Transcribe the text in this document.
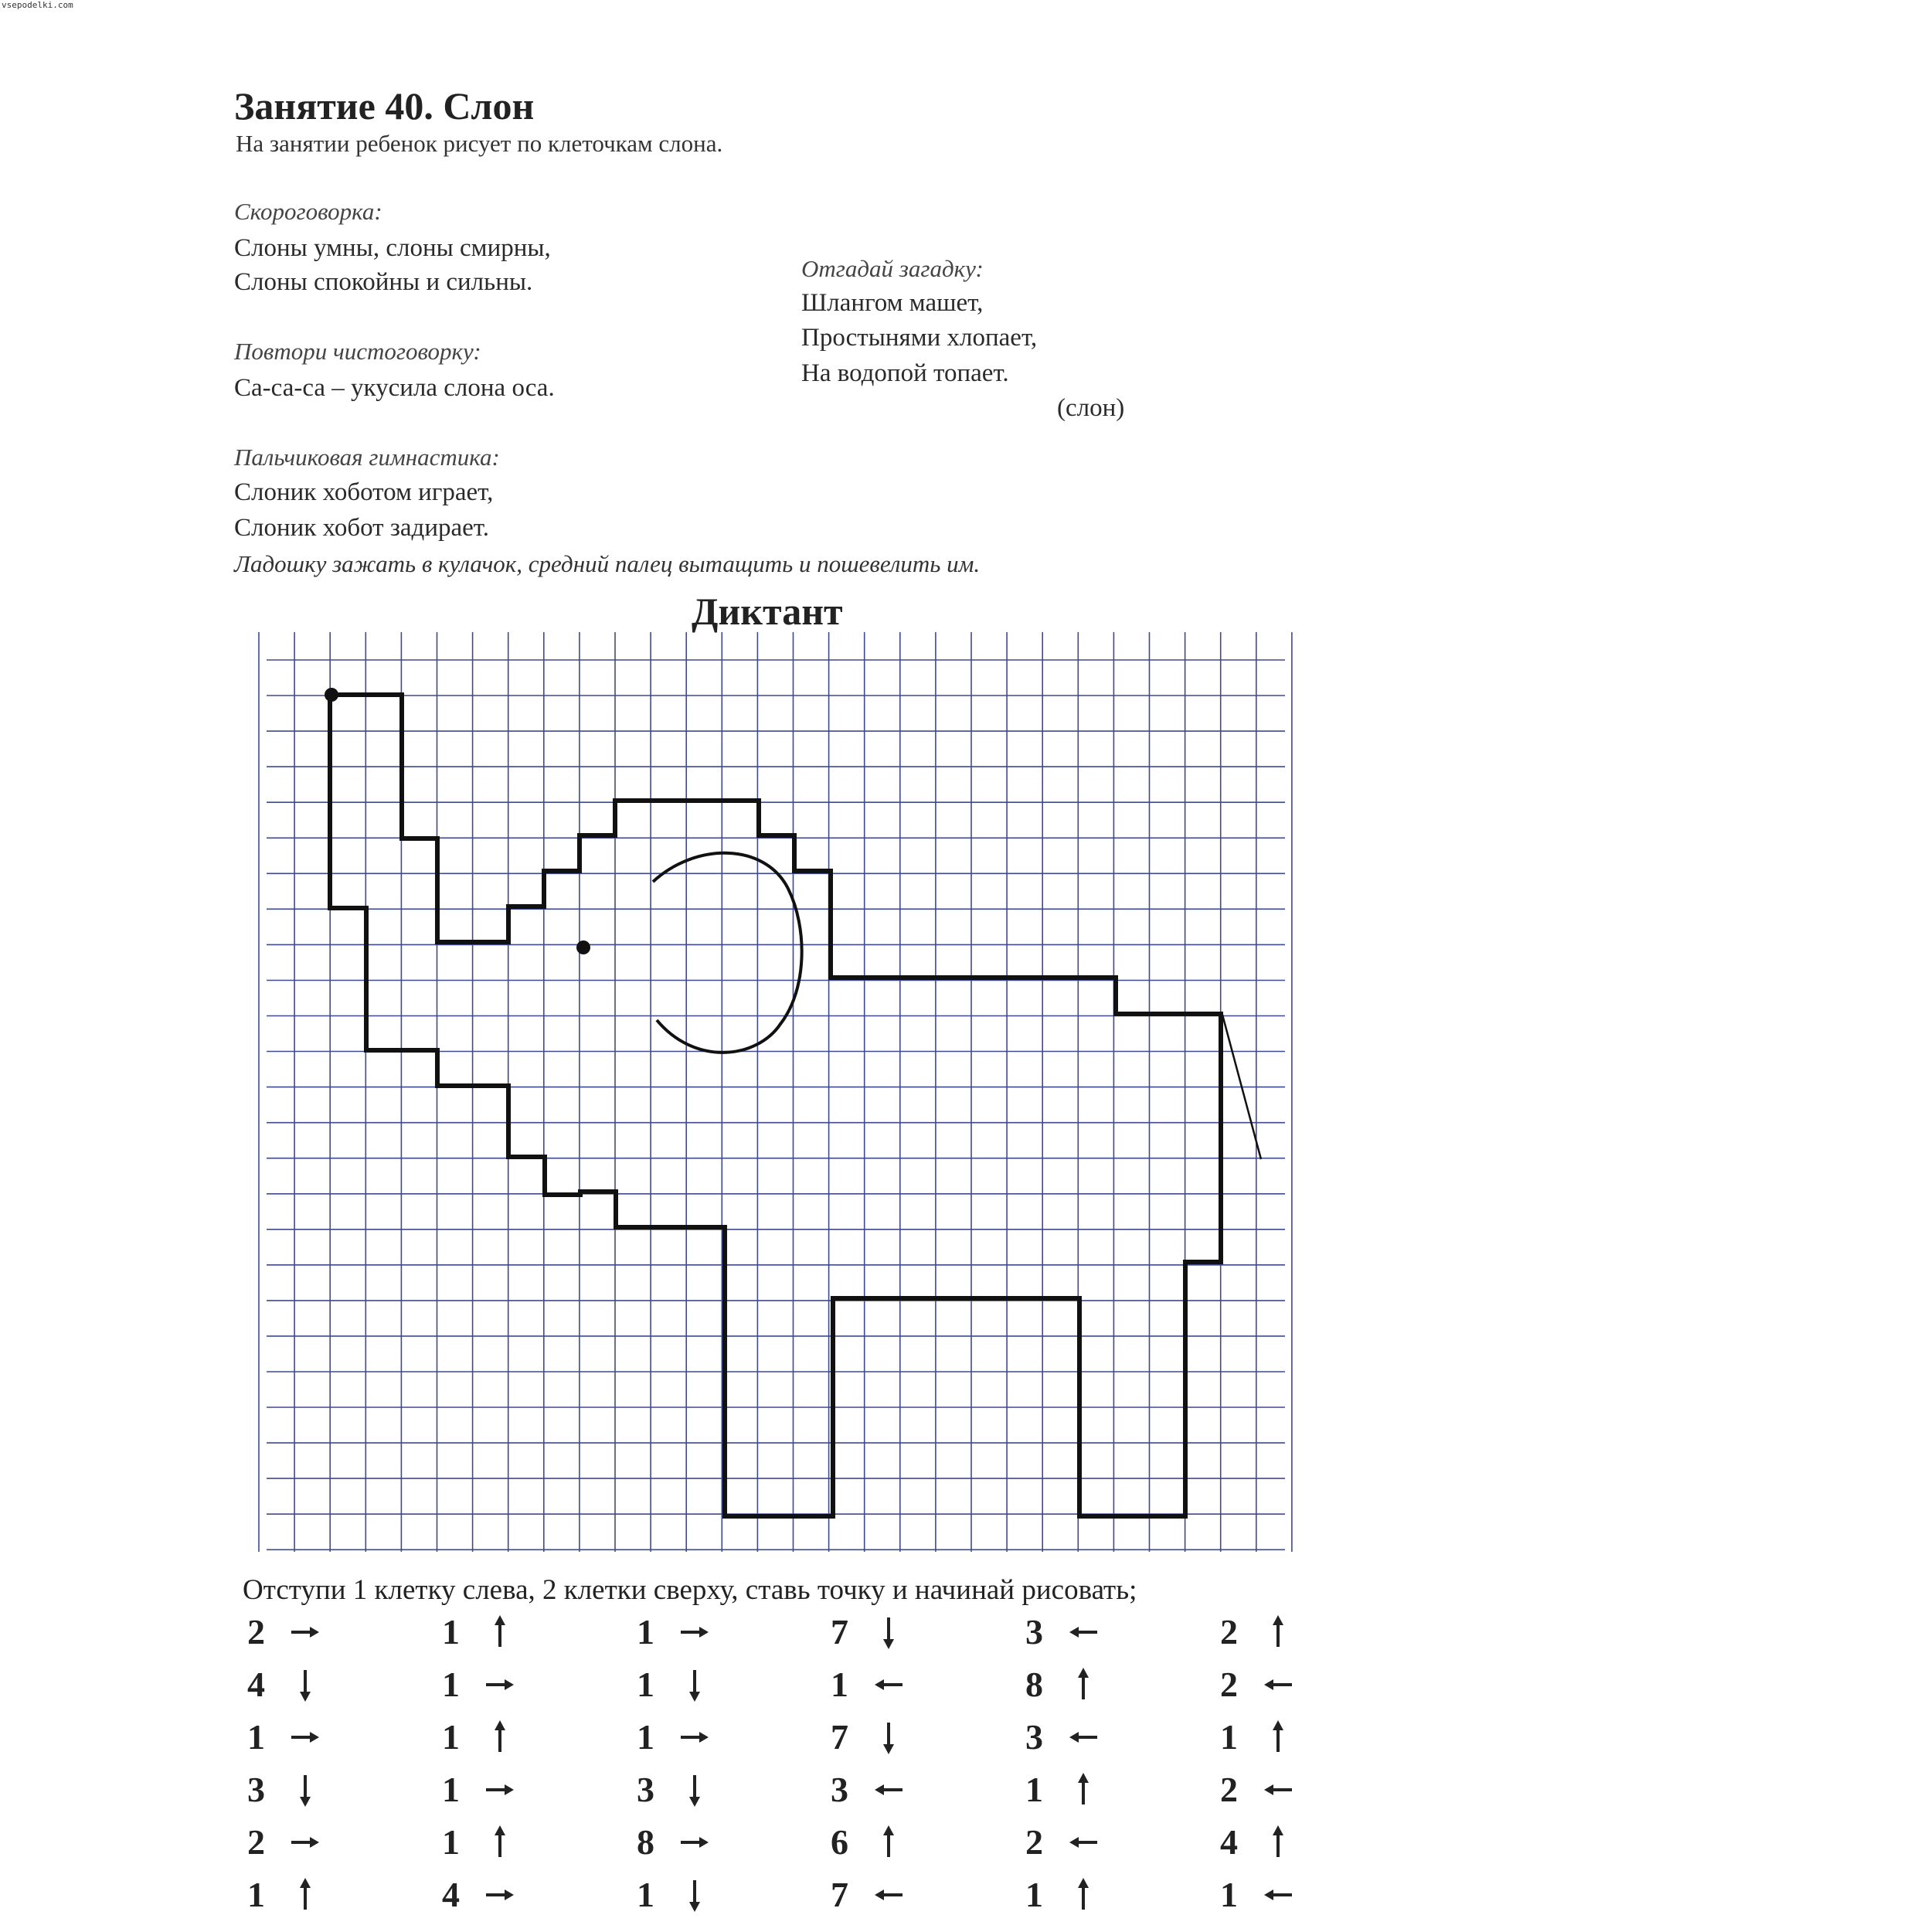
vsepodelki.com
Занятие 40. Слон
На занятии ребенок рисует по клеточкам слона.
Скороговорка:
Слоны умны, слоны смирны,
Слоны спокойны и сильны.	Отгадай загадку:
Шлангом машет,
Простынями хлопает,
На водопой топает.
(слон)
Повтори чистоговорку:
Са-са-са – укусила слона оса.
Пальчиковая гимнастика:
Слоник хоботом играет,
Слоник хобот задирает.
Ладошку зажать в кулачок, средний палец вытащить и пошевелить им.
Диктант
Отступи 1 клетку слева, 2 клетки сверху, ставь точку и начинай рисовать;
2
4
1
3
2
1
1
1
1
1
1
4
1
1
1
3
8
1
7
1
7
3
6
7
3
8
3
1
2
1
2
2
1
2
4
1
